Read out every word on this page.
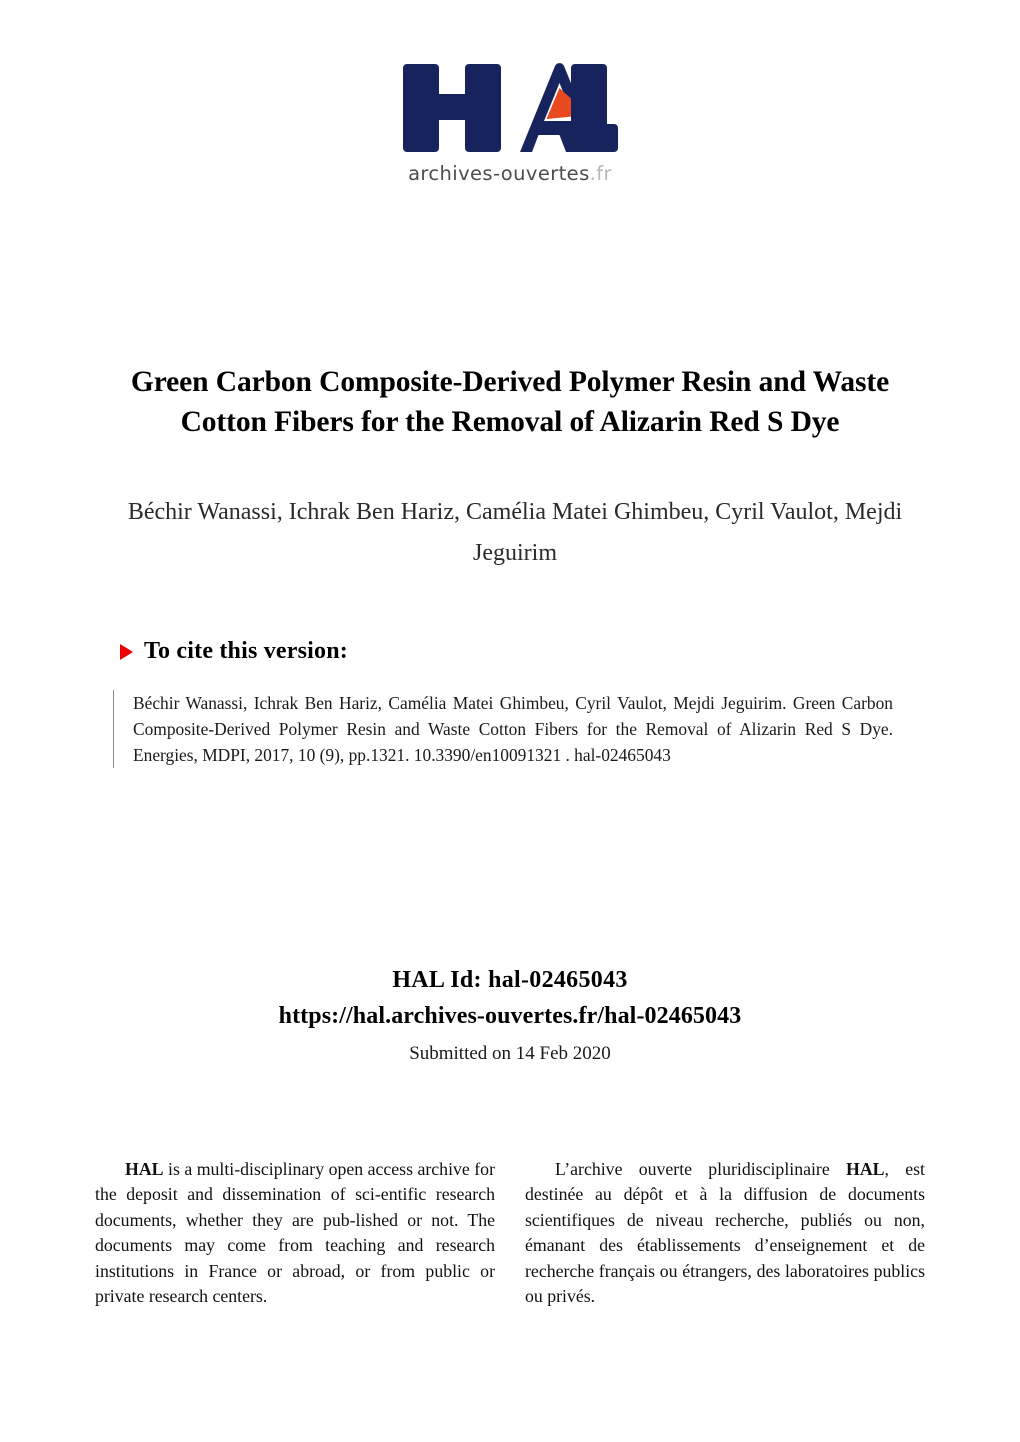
archives-ouvertes.fr
Green Carbon Composite-Derived Polymer Resin and Waste Cotton Fibers for the Removal of Alizarin Red S Dye
Béchir Wanassi, Ichrak Ben Hariz, Camélia Matei Ghimbeu, Cyril Vaulot, Mejdi Jeguirim
To cite this version:
Béchir Wanassi, Ichrak Ben Hariz, Camélia Matei Ghimbeu, Cyril Vaulot, Mejdi Jeguirim. Green Carbon Composite-Derived Polymer Resin and Waste Cotton Fibers for the Removal of Alizarin Red S Dye. Energies, MDPI, 2017, 10 (9), pp.1321. 10.3390/en10091321 . hal-02465043
HAL Id: hal-02465043
https://hal.archives-ouvertes.fr/hal-02465043
Submitted on 14 Feb 2020

HAL is a multi-disciplinary open access archive for the deposit and dissemination of sci-entific research documents, whether they are pub-lished or not. The documents may come from teaching and research institutions in France or abroad, or from public or private research centers.

L’archive ouverte pluridisciplinaire HAL, est destinée au dépôt et à la diffusion de documents scientifiques de niveau recherche, publiés ou non, émanant des établissements d’enseignement et de recherche français ou étrangers, des laboratoires publics ou privés.
